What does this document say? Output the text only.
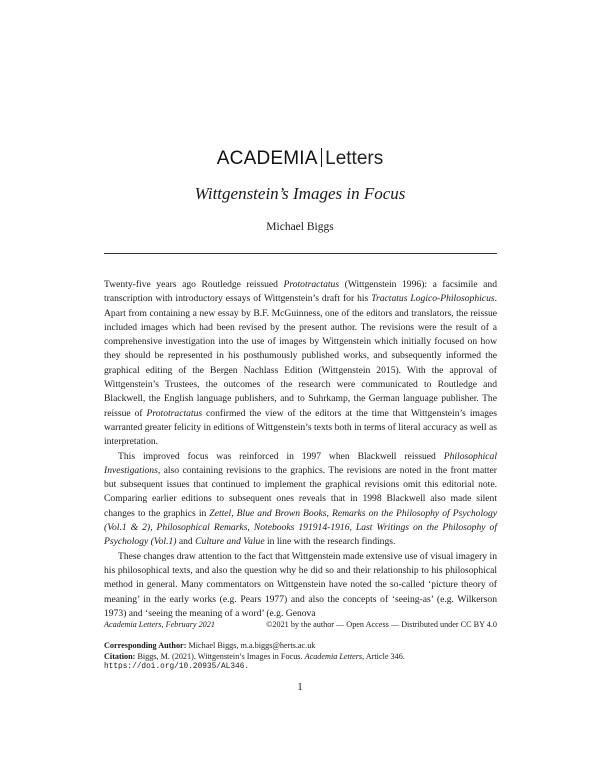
ACADEMIA Letters
Wittgenstein’s Images in Focus
Michael Biggs

Twenty-five years ago Routledge reissued Prototractatus (Wittgenstein 1996): a facsimile and transcription with introductory essays of Wittgenstein’s draft for his Tractatus Logico-Philosophicus. Apart from containing a new essay by B.F. McGuinness, one of the editors and translators, the reissue included images which had been revised by the present author. The revisions were the result of a comprehensive investigation into the use of images by Wittgenstein which initially focused on how they should be represented in his posthumously published works, and subsequently informed the graphical editing of the Bergen Nachlass Edition (Wittgenstein 2015). With the approval of Wittgenstein’s Trustees, the outcomes of the research were communicated to Routledge and Blackwell, the English language publishers, and to Suhrkamp, the German language publisher. The reissue of Prototractatus confirmed the view of the editors at the time that Wittgenstein’s images warranted greater felicity in editions of Wittgenstein’s texts both in terms of literal accuracy as well as interpretation.

This improved focus was reinforced in 1997 when Blackwell reissued Philosophical Investigations, also containing revisions to the graphics. The revisions are noted in the front matter but subsequent issues that continued to implement the graphical revisions omit this editorial note. Comparing earlier editions to subsequent ones reveals that in 1998 Blackwell also made silent changes to the graphics in Zettel, Blue and Brown Books, Remarks on the Philosophy of Psychology (Vol.1 & 2), Philosophical Remarks, Notebooks 191914-1916, Last Writings on the Philosophy of Psychology (Vol.1) and Culture and Value in line with the research findings.

These changes draw attention to the fact that Wittgenstein made extensive use of visual imagery in his philosophical texts, and also the question why he did so and their relationship to his philosophical method in general. Many commentators on Wittgenstein have noted the so-called ‘picture theory of meaning’ in the early works (e.g. Pears 1977) and also the concepts of ‘seeing-as’ (e.g. Wilkerson 1973) and ‘seeing the meaning of a word’ (e.g. Genova

Academia Letters, February 2021	©2021 by the author — Open Access — Distributed under CC BY 4.0
Corresponding Author: Michael Biggs, m.a.biggs@herts.ac.uk
Citation: Biggs, M. (2021). Wittgenstein’s Images in Focus. Academia Letters, Article 346.
https://doi.org/10.20935/AL346.
1
